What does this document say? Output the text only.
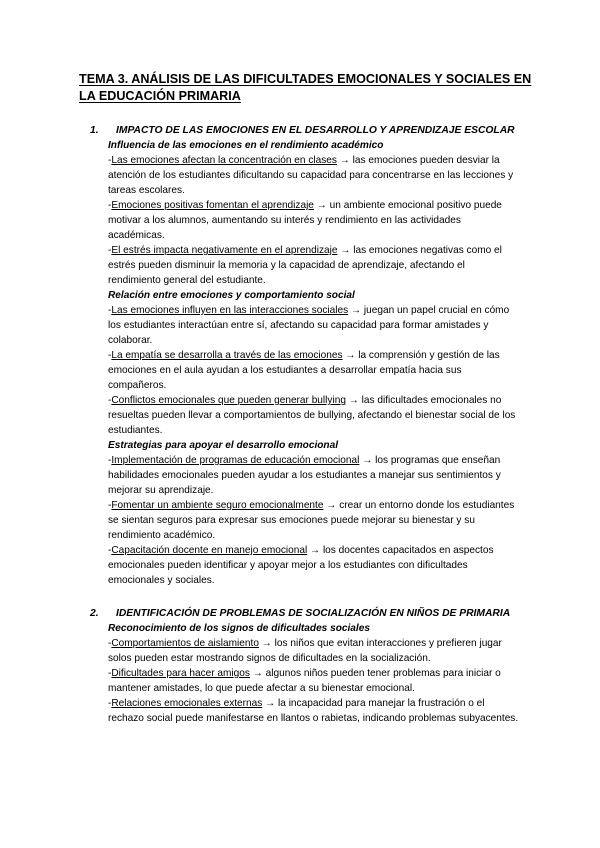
TEMA 3. ANÁLISIS DE LAS DIFICULTADES EMOCIONALES Y SOCIALES EN LA EDUCACIÓN PRIMARIA
1.	IMPACTO DE LAS EMOCIONES EN EL DESARROLLO Y APRENDIZAJE ESCOLAR
Influencia de las emociones en el rendimiento académico

-Las emociones afectan la concentración en clases → las emociones pueden desviar la atención de los estudiantes dificultando su capacidad para concentrarse en las lecciones y tareas escolares.

-Emociones positivas fomentan el aprendizaje → un ambiente emocional positivo puede motivar a los alumnos, aumentando su interés y rendimiento en las actividades académicas.

-El estrés impacta negativamente en el aprendizaje → las emociones negativas como el estrés pueden disminuir la memoria y la capacidad de aprendizaje, afectando el rendimiento general del estudiante.

Relación entre emociones y comportamiento social

-Las emociones influyen en las interacciones sociales → juegan un papel crucial en cómo los estudiantes interactúan entre sí, afectando su capacidad para formar amistades y colaborar.

-La empatía se desarrolla a través de las emociones → la comprensión y gestión de las emociones en el aula ayudan a los estudiantes a desarrollar empatía hacia sus compañeros.

-Conflictos emocionales que pueden generar bullying → las dificultades emocionales no resueltas pueden llevar a comportamientos de bullying, afectando el bienestar social de los estudiantes.

Estrategias para apoyar el desarrollo emocional

-Implementación de programas de educación emocional → los programas que enseñan habilidades emocionales pueden ayudar a los estudiantes a manejar sus sentimientos y mejorar su aprendizaje.

-Fomentar un ambiente seguro emocionalmente → crear un entorno donde los estudiantes se sientan seguros para expresar sus emociones puede mejorar su bienestar y su rendimiento académico.

-Capacitación docente en manejo emocional → los docentes capacitados en aspectos emocionales pueden identificar y apoyar mejor a los estudiantes con dificultades emocionales y sociales.

2.	IDENTIFICACIÓN DE PROBLEMAS DE SOCIALIZACIÓN EN NIÑOS DE PRIMARIA
Reconocimiento de los signos de dificultades sociales

-Comportamientos de aislamiento → los niños que evitan interacciones y prefieren jugar solos pueden estar mostrando signos de dificultades en la socialización.

-Dificultades para hacer amigos → algunos niños pueden tener problemas para iniciar o mantener amistades, lo que puede afectar a su bienestar emocional.

-Relaciones emocionales externas → la incapacidad para manejar la frustración o el rechazo social puede manifestarse en llantos o rabietas, indicando problemas subyacentes.
